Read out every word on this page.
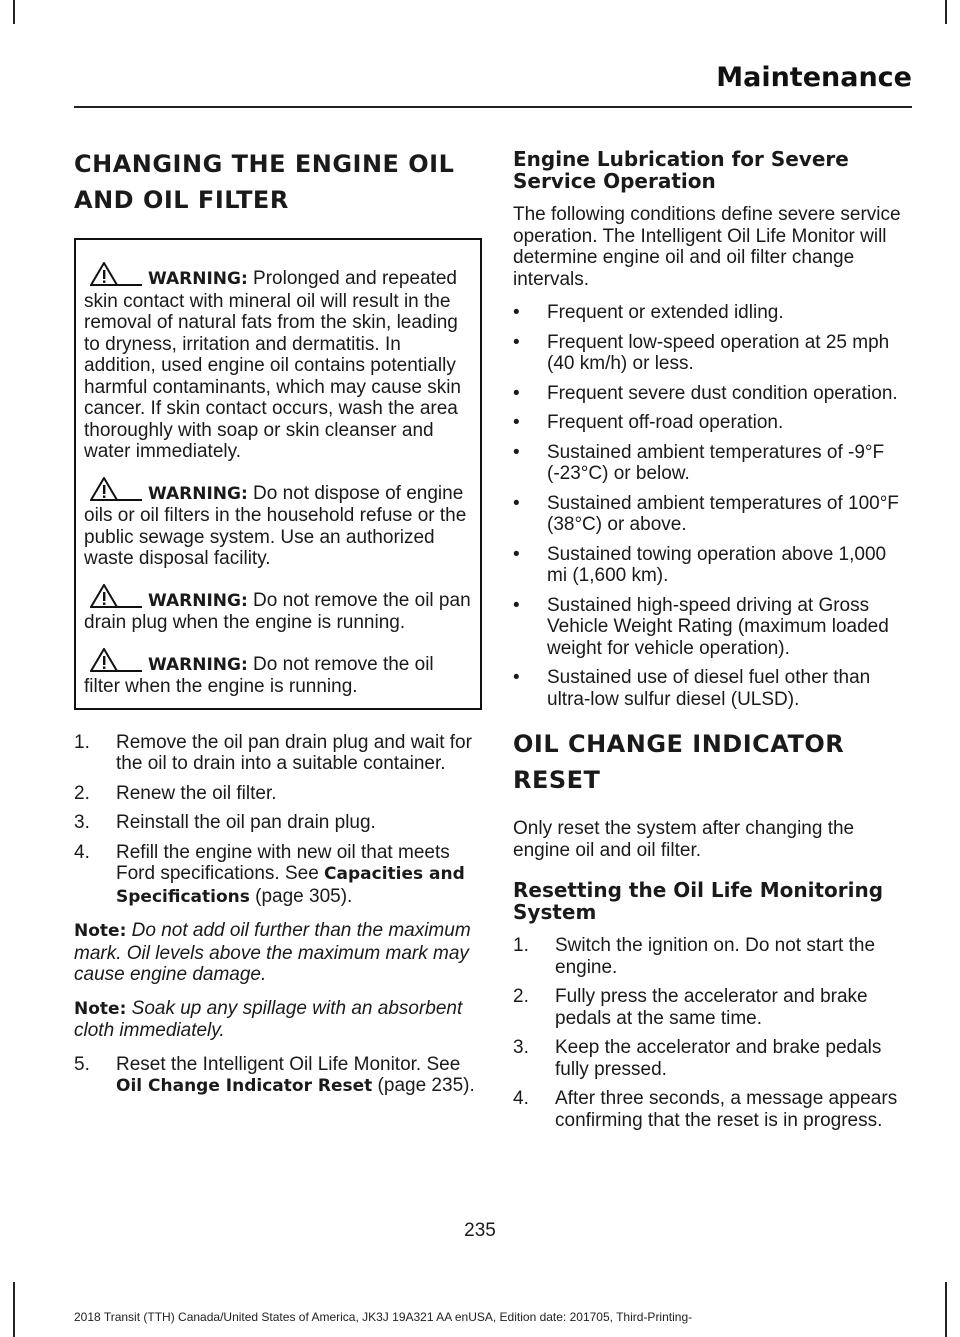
Maintenance
CHANGING THE ENGINE OIL
AND OIL FILTER

WARNING: Prolonged and repeated skin contact with mineral oil will result in the removal of natural fats from the skin, leading to dryness, irritation and dermatitis. In addition, used engine oil contains potentially harmful contaminants, which may cause skin cancer. If skin contact occurs, wash the area thoroughly with soap or skin cleanser and water immediately.

WARNING: Do not dispose of engine oils or oil filters in the household refuse or the public sewage system. Use an authorized waste disposal facility.

WARNING: Do not remove the oil pan drain plug when the engine is running.

WARNING: Do not remove the oil filter when the engine is running.

1.	Remove the oil pan drain plug and wait for the oil to drain into a suitable container.
2.	Renew the oil filter.
3.	Reinstall the oil pan drain plug.
4.	Refill the engine with new oil that meets Ford specifications. See Capacities and Specifications (page 305).

Note: Do not add oil further than the maximum mark. Oil levels above the maximum mark may cause engine damage.

Note: Soak up any spillage with an absorbent cloth immediately.

5.	Reset the Intelligent Oil Life Monitor. See Oil Change Indicator Reset (page 235).
Engine Lubrication for Severe Service Operation

The following conditions define severe service operation. The Intelligent Oil Life Monitor will determine engine oil and oil filter change intervals.

•	Frequent or extended idling.
•	Frequent low-speed operation at 25 mph (40 km/h) or less.
•	Frequent severe dust condition operation.
•	Frequent off-road operation.
•	Sustained ambient temperatures of -9°F (-23°C) or below.
•	Sustained ambient temperatures of 100°F (38°C) or above.
•	Sustained towing operation above 1,000 mi (1,600 km).
•	Sustained high-speed driving at Gross Vehicle Weight Rating (maximum loaded weight for vehicle operation).
•	Sustained use of diesel fuel other than ultra-low sulfur diesel (ULSD).
OIL CHANGE INDICATOR
RESET

Only reset the system after changing the engine oil and oil filter.

Resetting the Oil Life Monitoring System
1.	Switch the ignition on. Do not start the engine.
2.	Fully press the accelerator and brake pedals at the same time.
3.	Keep the accelerator and brake pedals fully pressed.
4.	After three seconds, a message appears confirming that the reset is in progress.
235
2018 Transit (TTH) Canada/United States of America, JK3J 19A321 AA enUSA, Edition date: 201705, Third-Printing-
